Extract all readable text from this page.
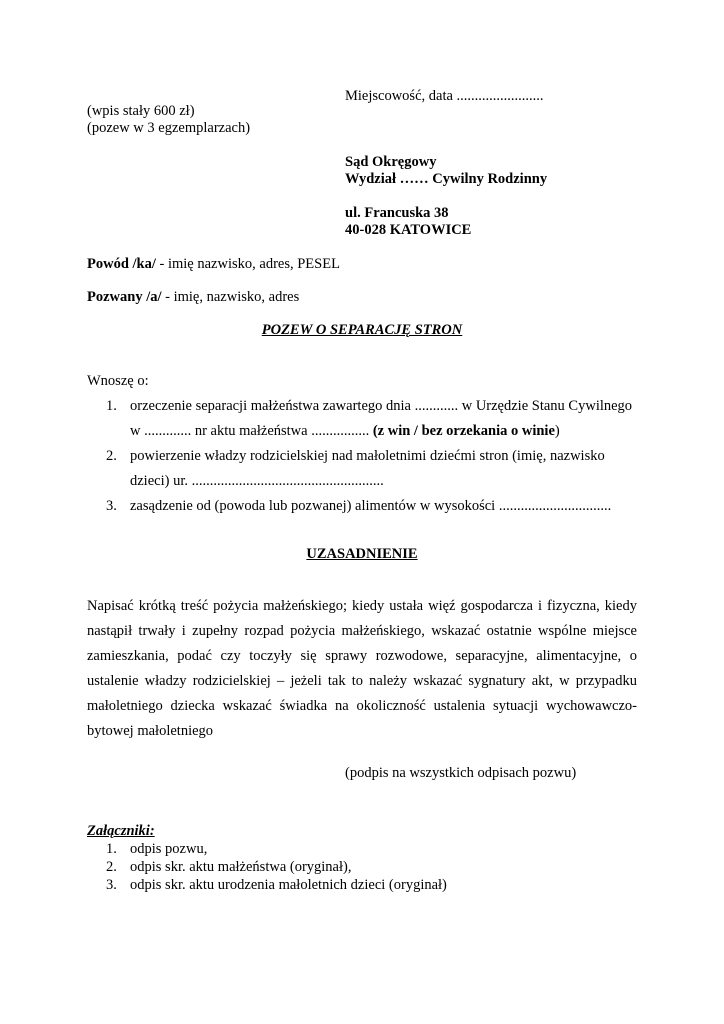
Miejscowość, data ........................
(wpis stały 600 zł)
(pozew w 3 egzemplarzach)
Sąd Okręgowy
Wydział …… Cywilny Rodzinny
ul. Francuska 38
40-028 KATOWICE
Powód /ka/ - imię nazwisko, adres, PESEL
Pozwany /a/ - imię, nazwisko, adres
POZEW O SEPARACJĘ STRON
Wnoszę o:
1. orzeczenie separacji małżeństwa zawartego dnia ............ w Urzędzie Stanu Cywilnego
w ............. nr aktu małżeństwa ................ (z win / bez orzekania o winie)
2. powierzenie władzy rodzicielskiej nad małoletnimi dziećmi stron (imię, nazwisko
dzieci) ur. .....................................................
3. zasądzenie od (powoda lub pozwanej) alimentów w wysokości ...............................
UZASADNIENIE
Napisać krótką treść pożycia małżeńskiego; kiedy ustała więź gospodarcza i fizyczna, kiedy nastąpił trwały i zupełny rozpad pożycia małżeńskiego, wskazać ostatnie wspólne miejsce zamieszkania, podać czy toczyły się sprawy rozwodowe, separacyjne, alimentacyjne, o ustalenie władzy rodzicielskiej – jeżeli tak to należy wskazać sygnatury akt, w przypadku małoletniego dziecka wskazać świadka na okoliczność ustalenia sytuacji wychowawczo-bytowej małoletniego
(podpis na wszystkich odpisach pozwu)
Załączniki:
1. odpis pozwu,
2. odpis skr. aktu małżeństwa (oryginał),
3. odpis skr. aktu urodzenia małoletnich dzieci (oryginał)
